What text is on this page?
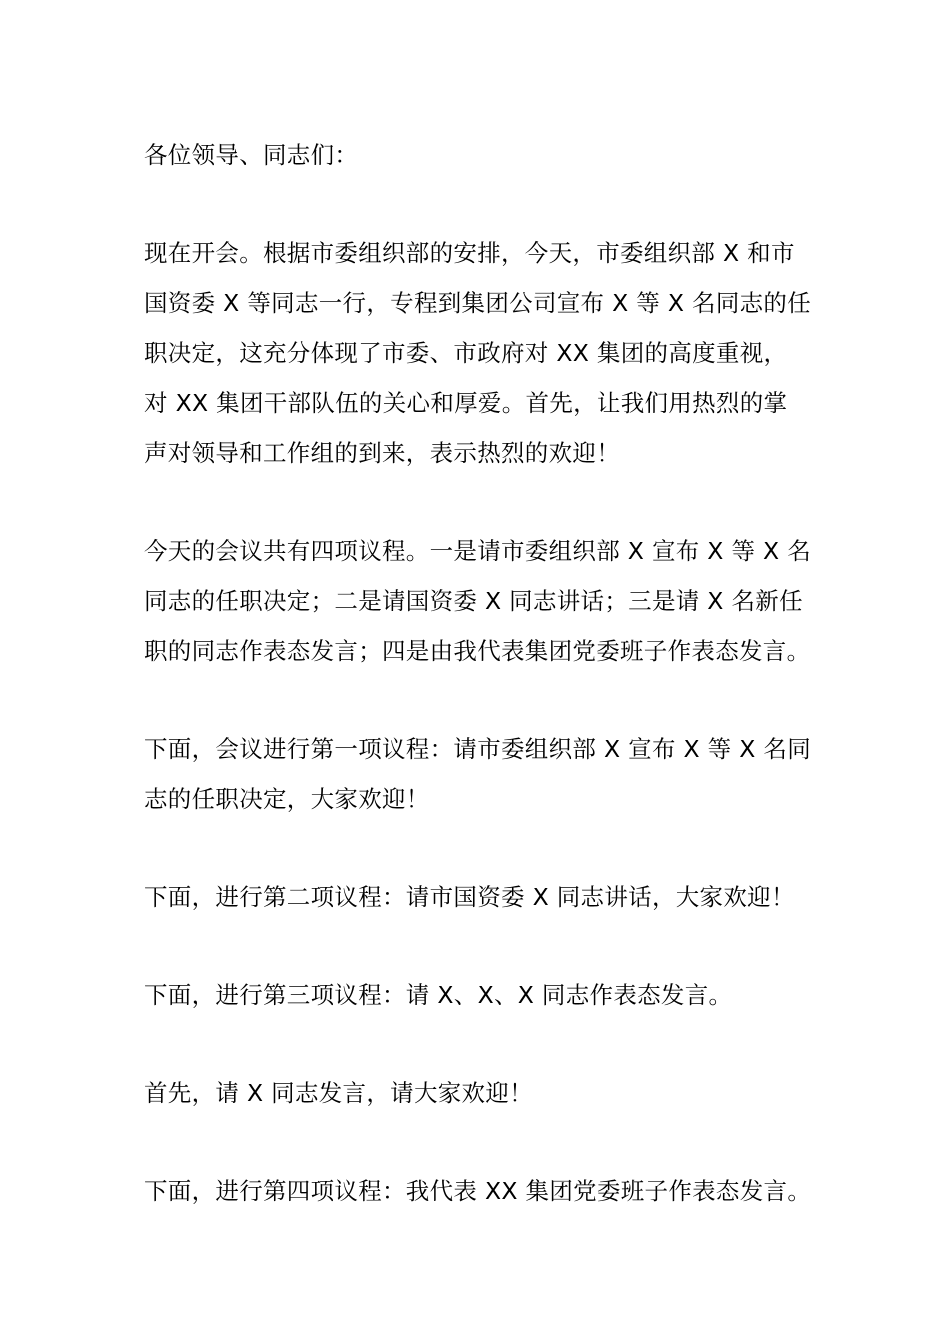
各位领导、同志们：

现在开会。根据市委组织部的安排，今天，市委组织部 X 和市
国资委 X 等同志一行，专程到集团公司宣布 X 等 X 名同志的任
职决定，这充分体现了市委、市政府对 XX 集团的高度重视，
对 XX 集团干部队伍的关心和厚爱。首先，让我们用热烈的掌
声对领导和工作组的到来，表示热烈的欢迎！

今天的会议共有四项议程。一是请市委组织部 X 宣布 X 等 X 名
同志的任职决定；二是请国资委 X 同志讲话；三是请 X 名新任
职的同志作表态发言；四是由我代表集团党委班子作表态发言。

下面，会议进行第一项议程：请市委组织部 X 宣布 X 等 X 名同
志的任职决定，大家欢迎！

下面，进行第二项议程：请市国资委 X 同志讲话，大家欢迎！

下面，进行第三项议程：请 X、X、X 同志作表态发言。

首先，请 X 同志发言，请大家欢迎！

下面，进行第四项议程：我代表 XX 集团党委班子作表态发言。
